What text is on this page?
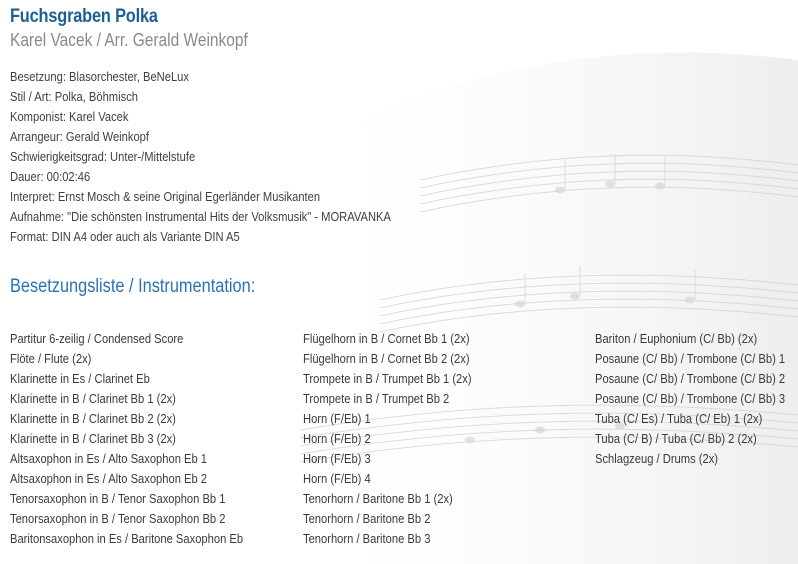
Fuchsgraben Polka
Karel Vacek / Arr. Gerald Weinkopf
Besetzung: Blasorchester, BeNeLux
Stil / Art: Polka, Böhmisch
Komponist: Karel Vacek
Arrangeur: Gerald Weinkopf
Schwierigkeitsgrad: Unter-/Mittelstufe
Dauer: 00:02:46
Interpret: Ernst Mosch & seine Original Egerländer Musikanten
Aufnahme: "Die schönsten Instrumental Hits der Volksmusik" - MORAVANKA
Format: DIN A4 oder auch als Variante DIN A5
Besetzungsliste / Instrumentation:
Partitur 6-zeilig / Condensed Score
Flöte / Flute (2x)
Klarinette in Es / Clarinet Eb
Klarinette in B / Clarinet Bb 1 (2x)
Klarinette in B / Clarinet Bb 2 (2x)
Klarinette in B / Clarinet Bb 3 (2x)
Altsaxophon in Es / Alto Saxophon Eb 1
Altsaxophon in Es / Alto Saxophon Eb 2
Tenorsaxophon in B / Tenor Saxophon Bb 1
Tenorsaxophon in B / Tenor Saxophon Bb 2
Baritonsaxophon in Es / Baritone Saxophon Eb
Flügelhorn in B / Cornet Bb 1 (2x)
Flügelhorn in B / Cornet Bb 2 (2x)
Trompete in B / Trumpet Bb 1 (2x)
Trompete in B / Trumpet Bb 2
Horn (F/Eb) 1
Horn (F/Eb) 2
Horn (F/Eb) 3
Horn (F/Eb) 4
Tenorhorn / Baritone Bb 1 (2x)
Tenorhorn / Baritone Bb 2
Tenorhorn / Baritone Bb 3
Bariton / Euphonium (C/ Bb) (2x)
Posaune (C/ Bb) / Trombone (C/ Bb) 1
Posaune (C/ Bb) / Trombone (C/ Bb) 2
Posaune (C/ Bb) / Trombone (C/ Bb) 3
Tuba (C/ Es) / Tuba (C/ Eb) 1 (2x)
Tuba (C/ B) / Tuba (C/ Bb) 2 (2x)
Schlagzeug / Drums (2x)
